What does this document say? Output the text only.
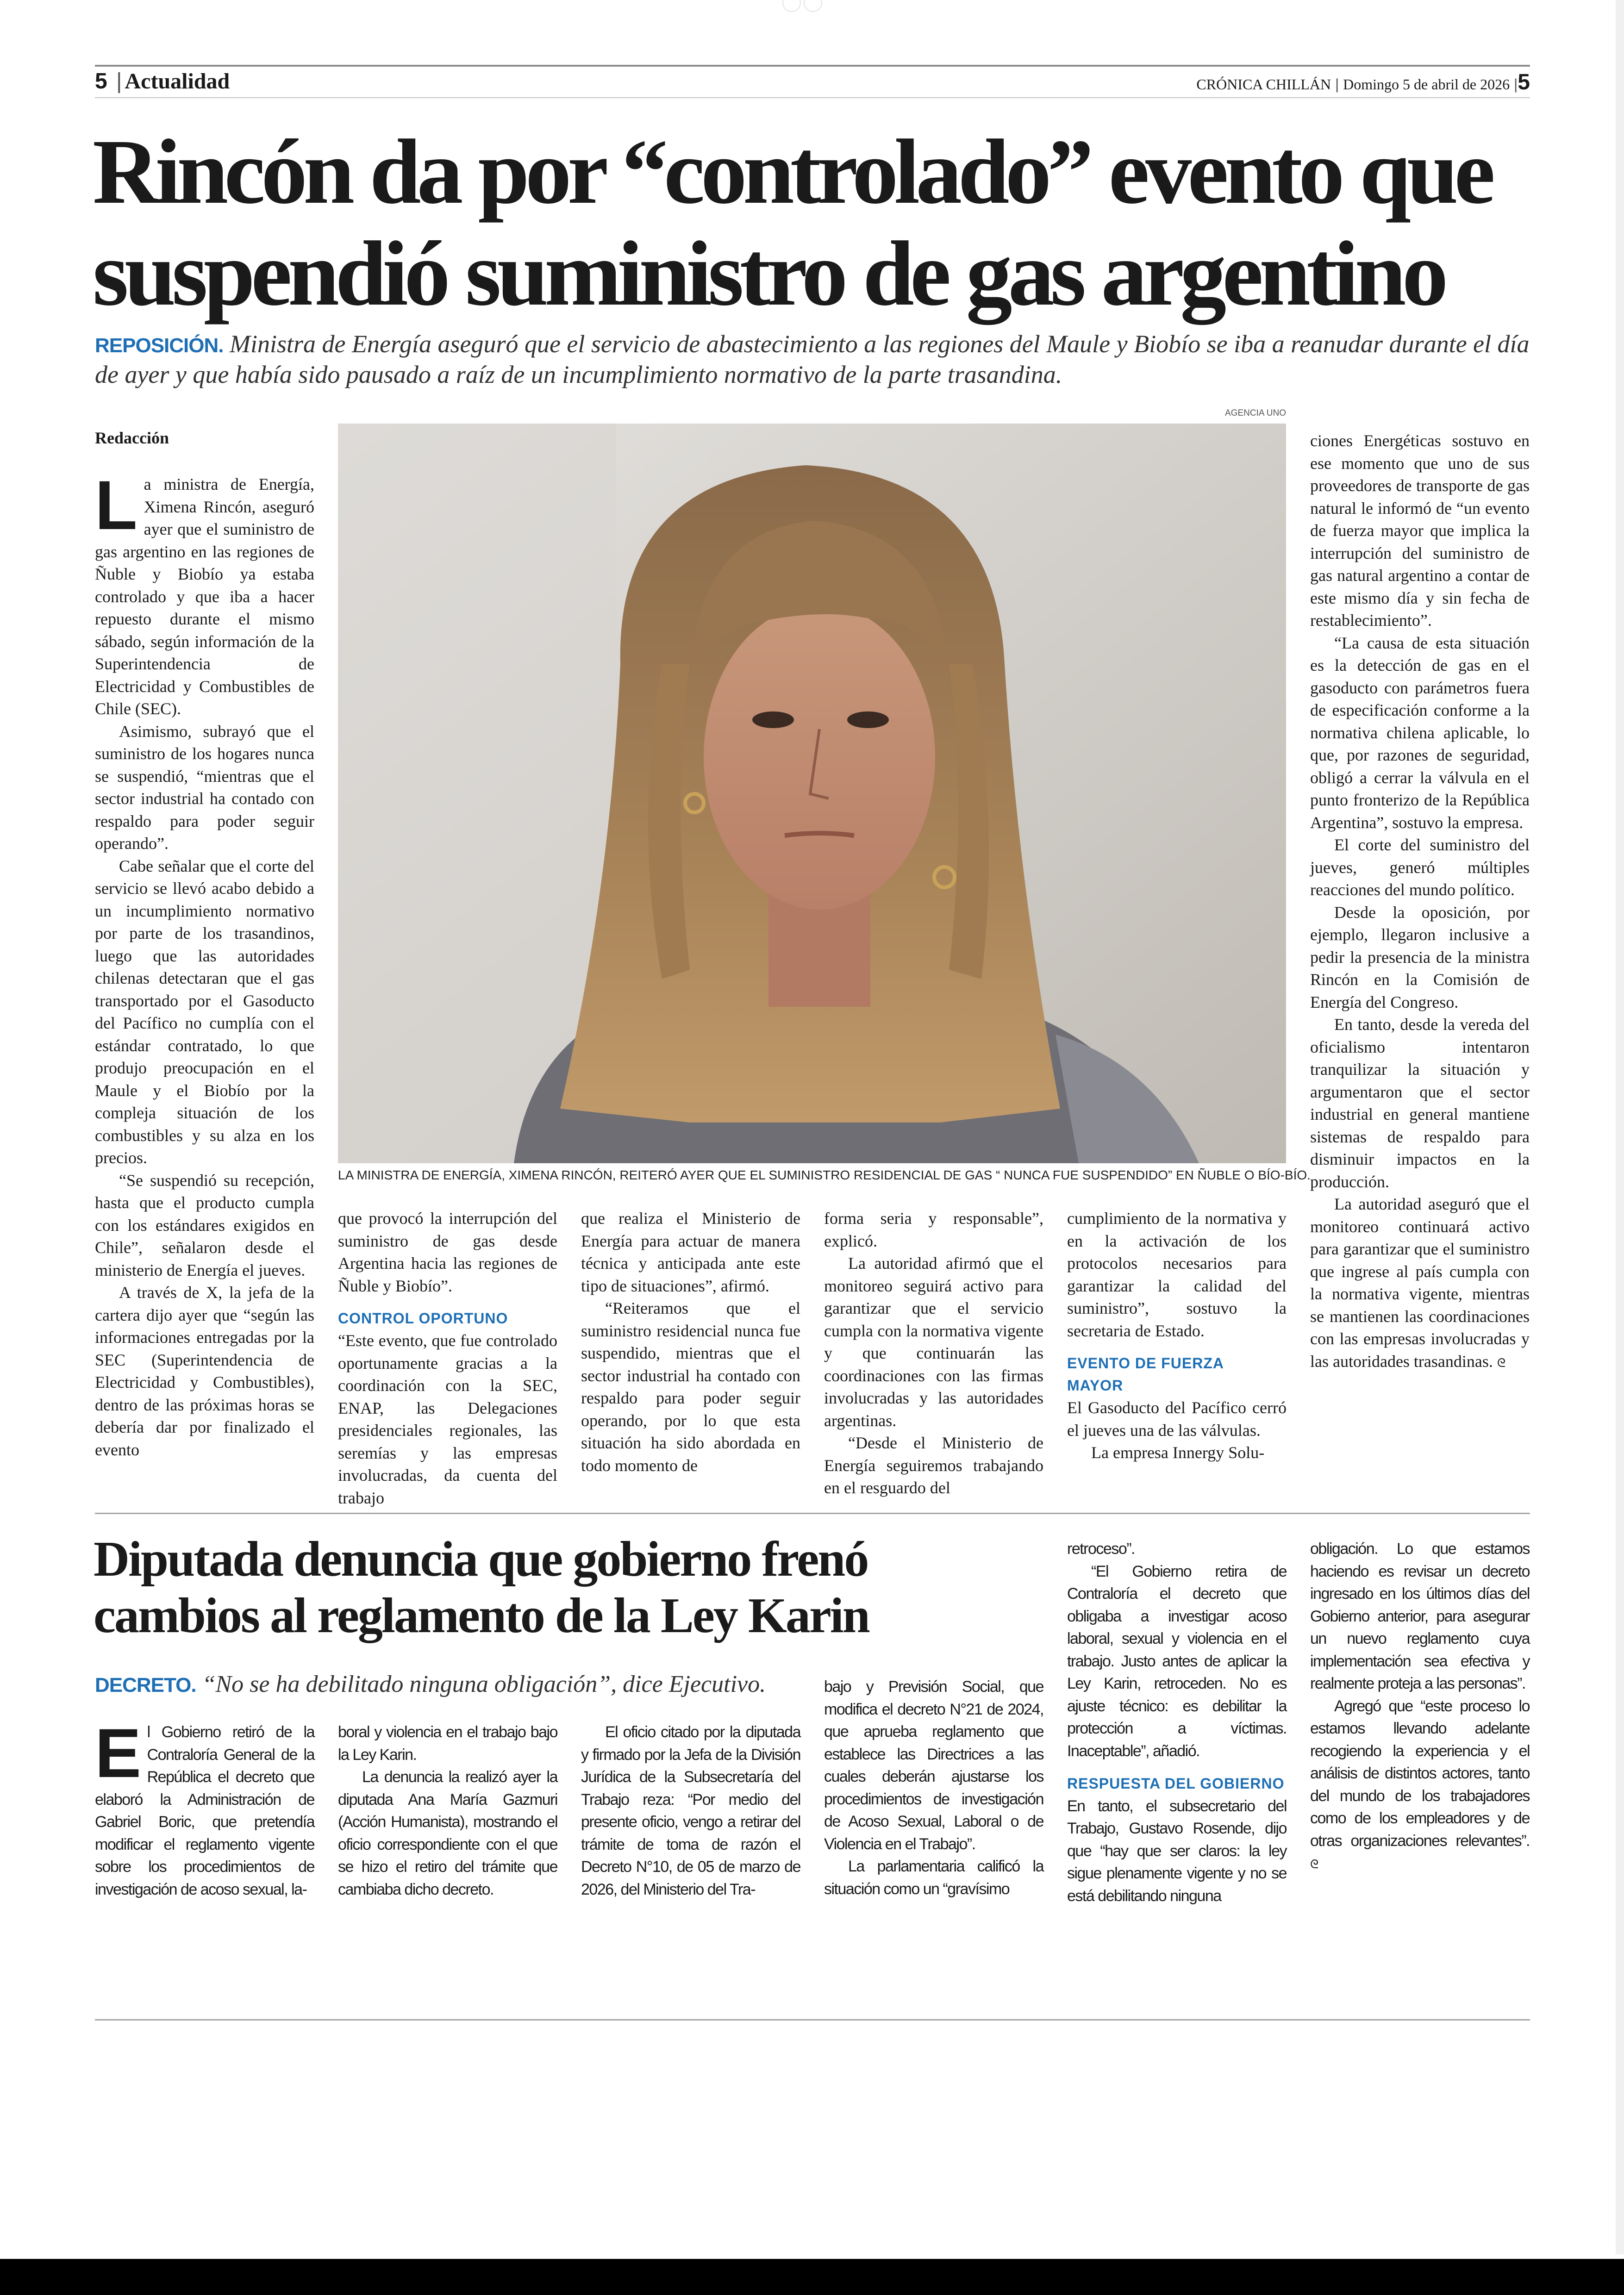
5 | Actualidad	CRÓNICA CHILLÁN | Domingo 5 de abril de 2026 |5
Rincón da por “controlado” evento que
suspendió suministro de gas argentino
REPOSICIÓN. Ministra de Energía aseguró que el servicio de abastecimiento a las regiones del Maule y Biobío se iba a reanudar durante el día de ayer y que había sido pausado a raíz de un incumplimiento normativo de la parte trasandina.
Redacción
AGENCIA UNO
LA MINISTRA DE ENERGÍA, XIMENA RINCÓN, REITERÓ AYER QUE EL SUMINISTRO RESIDENCIAL DE GAS “ NUNCA FUE SUSPENDIDO” EN ÑUBLE O BÍO-BÍO.
L a ministra de Energía, Ximena Rincón, aseguró ayer que el suministro de gas argentino en las regiones de Ñuble y Biobío ya estaba controlado y que iba a hacer repuesto durante el mismo sábado, según información de la Superintendencia de Electricidad y Combustibles de Chile (SEC).

Asimismo, subrayó que el suministro de los hogares nunca se suspendió, “mientras que el sector industrial ha contado con respaldo para poder seguir operando”.

Cabe señalar que el corte del servicio se llevó acabo debido a un incumplimiento normativo por parte de los trasandinos, luego que las autoridades chilenas detectaran que el gas transportado por el Gasoducto del Pacífico no cumplía con el estándar contratado, lo que produjo preocupación en el Maule y el Biobío por la compleja situación de los combustibles y su alza en los precios.

“Se suspendió su recepción, hasta que el producto cumpla con los estándares exigidos en Chile”, señalaron desde el ministerio de Energía el jueves.

A través de X, la jefa de la cartera dijo ayer que “según las informaciones entregadas por la SEC (Superintendencia de Electricidad y Combustibles), dentro de las próximas horas se debería dar por finalizado el evento

que provocó la interrupción del suministro de gas desde Argentina hacia las regiones de Ñuble y Biobío”.

CONTROL OPORTUNO

“Este evento, que fue controlado oportunamente gracias a la coordinación con la SEC, ENAP, las Delegaciones presidenciales regionales, las seremías y las empresas involucradas, da cuenta del trabajo

que realiza el Ministerio de Energía para actuar de manera técnica y anticipada ante este tipo de situaciones”, afirmó.

“Reiteramos que el suministro residencial nunca fue suspendido, mientras que el sector industrial ha contado con respaldo para poder seguir operando, por lo que esta situación ha sido abordada en todo momento de

forma seria y responsable”, explicó.

La autoridad afirmó que el monitoreo seguirá activo para garantizar que el servicio cumpla con la normativa vigente y que continuarán las coordinaciones con las firmas involucradas y las autoridades argentinas.

“Desde el Ministerio de Energía seguiremos trabajando en el resguardo del

cumplimiento de la normativa y en la activación de los protocolos necesarios para garantizar la calidad del suministro”, sostuvo la secretaria de Estado.

EVENTO DE FUERZA
MAYOR

El Gasoducto del Pacífico cerró el jueves una de las válvulas.

La empresa Innergy Solu-

ciones Energéticas sostuvo en ese momento que uno de sus proveedores de transporte de gas natural le informó de “un evento de fuerza mayor que implica la interrupción del suministro de gas natural argentino a contar de este mismo día y sin fecha de restablecimiento”.

“La causa de esta situación es la detección de gas en el gasoducto con parámetros fuera de especificación conforme a la normativa chilena aplicable, lo que, por razones de seguridad, obligó a cerrar la válvula en el punto fronterizo de la República Argentina”, sostuvo la empresa.

El corte del suministro del jueves, generó múltiples reacciones del mundo político.

Desde la oposición, por ejemplo, llegaron inclusive a pedir la presencia de la ministra Rincón en la Comisión de Energía del Congreso.

En tanto, desde la vereda del oficialismo intentaron tranquilizar la situación y argumentaron que el sector industrial en general mantiene sistemas de respaldo para disminuir impactos en la producción.

La autoridad aseguró que el monitoreo continuará activo para garantizar que el suministro que ingrese al país cumpla con la normativa vigente, mientras se mantienen las coordinaciones con las empresas involucradas y las autoridades trasandinas. ᘓ

Diputada denuncia que gobierno frenó
cambios al reglamento de la Ley Karin
DECRETO. “No se ha debilitado ninguna obligación”, dice Ejecutivo.
E l Gobierno retiró de la Contraloría General de la República el decreto que elaboró la Administración de Gabriel Boric, que pretendía modificar el reglamento vigente sobre los procedimientos de investigación de acoso sexual, la-

boral y violencia en el trabajo bajo la Ley Karin.

La denuncia la realizó ayer la diputada Ana María Gazmuri (Acción Humanista), mostrando el oficio correspondiente con el que se hizo el retiro del trámite que cambiaba dicho decreto.

El oficio citado por la diputada y firmado por la Jefa de la División Jurídica de la Subsecretaría del Trabajo reza: “Por medio del presente oficio, vengo a retirar del trámite de toma de razón el Decreto N°10, de 05 de marzo de 2026, del Ministerio del Tra-

bajo y Previsión Social, que modifica el decreto N°21 de 2024, que aprueba reglamento que establece las Directrices a las cuales deberán ajustarse los procedimientos de investigación de Acoso Sexual, Laboral o de Violencia en el Trabajo”.

La parlamentaria calificó la situación como un “gravísimo

retroceso”.

“El Gobierno retira de Contraloría el decreto que obligaba a investigar acoso laboral, sexual y violencia en el trabajo. Justo antes de aplicar la Ley Karin, retroceden. No es ajuste técnico: es debilitar la protección a víctimas. Inaceptable”, añadió.

RESPUESTA DEL GOBIERNO

En tanto, el subsecretario del Trabajo, Gustavo Rosende, dijo que “hay que ser claros: la ley sigue plenamente vigente y no se está debilitando ninguna

obligación. Lo que estamos haciendo es revisar un decreto ingresado en los últimos días del Gobierno anterior, para asegurar un nuevo reglamento cuya implementación sea efectiva y realmente proteja a las personas”.

Agregó que “este proceso lo estamos llevando adelante recogiendo la experiencia y el análisis de distintos actores, tanto del mundo de los trabajadores como de los empleadores y de otras organizaciones relevantes”. ᘓ
